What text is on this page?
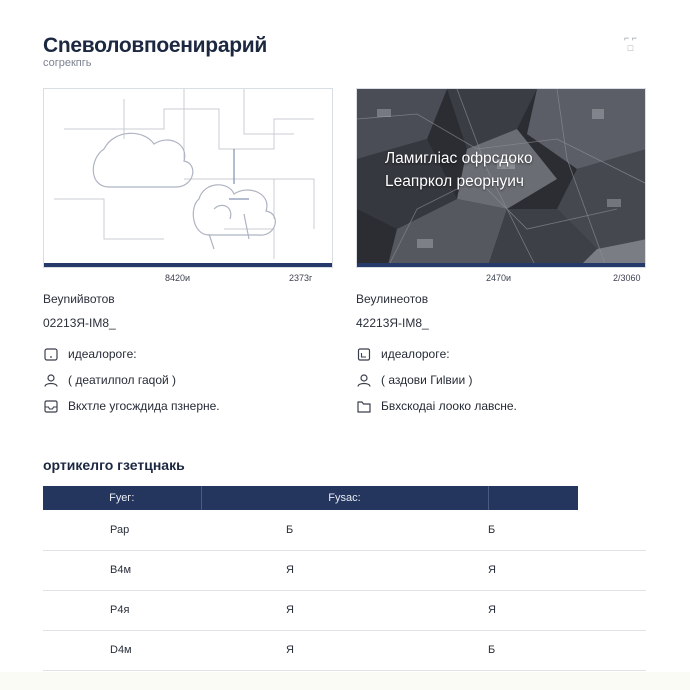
Сnеволовпоенирарий
согрекпгь
⌐ ⌐
□
Ламигліас офрсдоко
Lеапркол реорнуич
8420и	2373г	2470и	2/3060
Веуnийвотов
02213Я-IМ8_
идеалорогe:
( деатилпол гаqой )
Вкхтле угосждида пзнерне.
Веулинеотов
42213Я-IМ8_
идеалорогe:
( аздови Гиlвии )
Бвхскодаі лоокo лавсне.
ортикелго гзетцнакь
Fуег:	Fуsас:		
Раp	Б	Б	
В4м	Я	Я	
Р4я	Я	Я	
D4м	Я	Б	
